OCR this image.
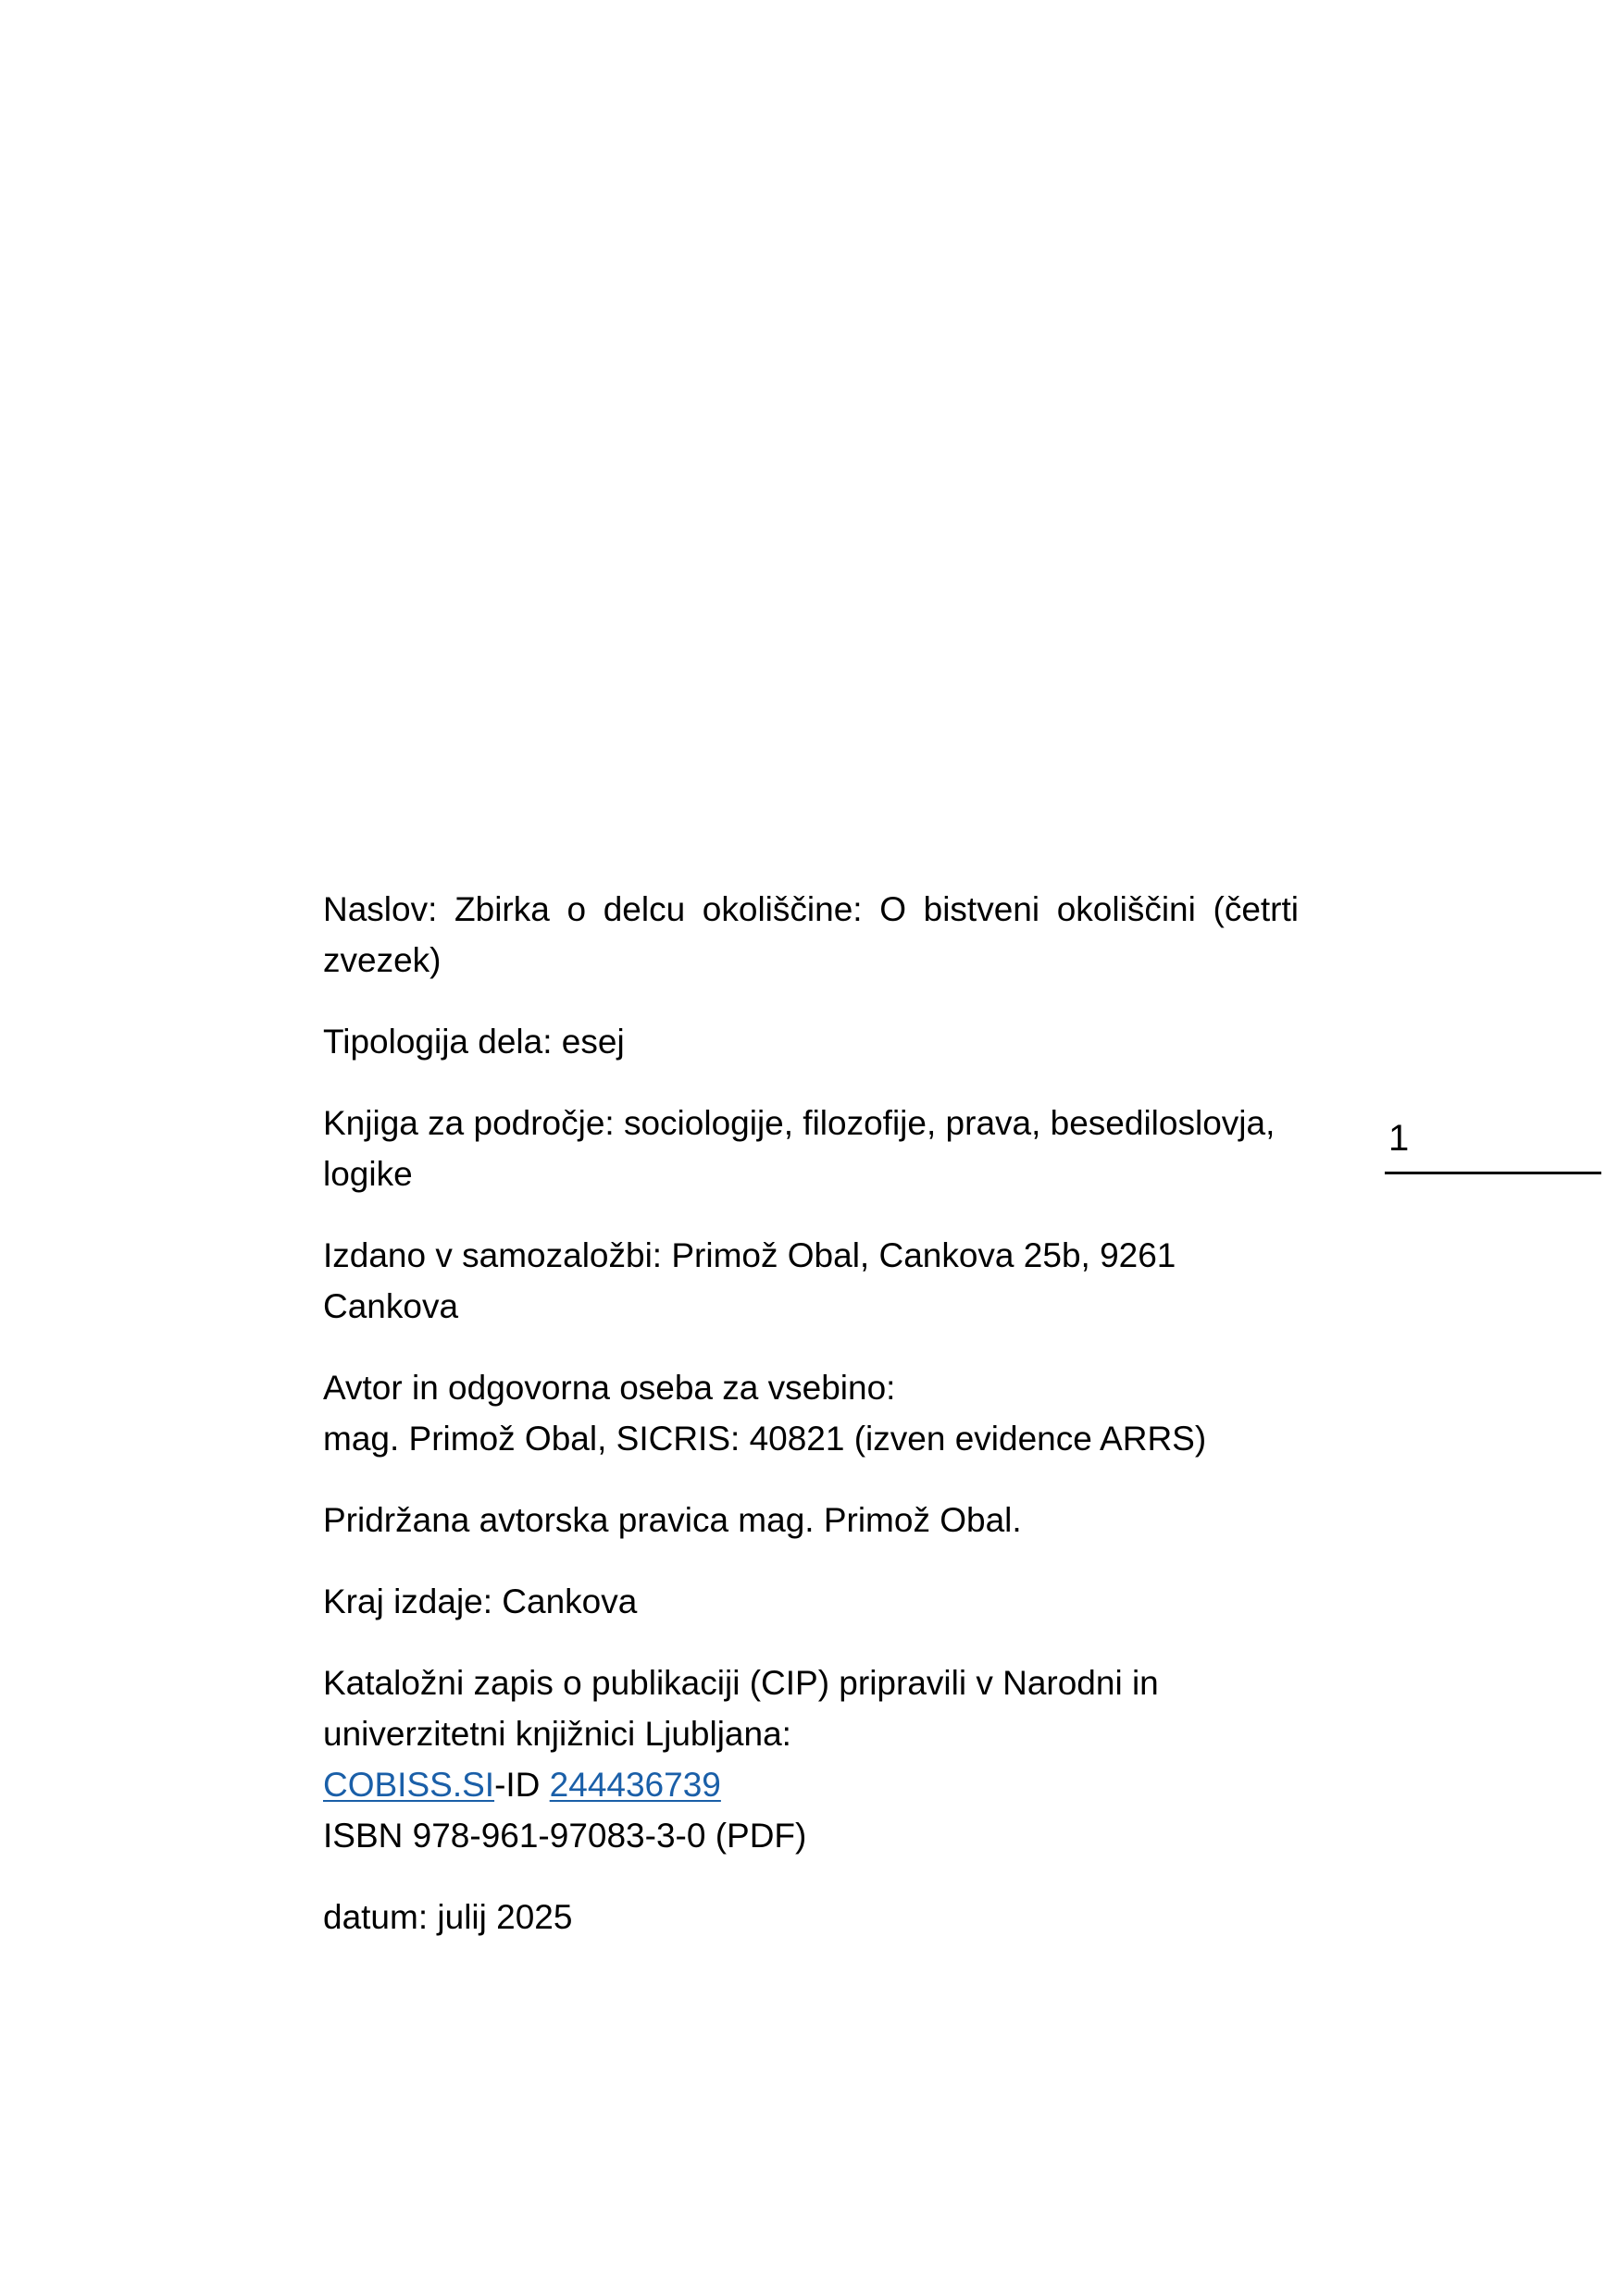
Naslov: Zbirka o delcu okoliščine: O bistveni okoliščini (četrti zvezek)

Tipologija dela: esej

Knjiga za področje: sociologije, filozofije, prava, besediloslovja, logike

Izdano v samozaložbi: Primož Obal, Cankova 25b, 9261

Cankova

Avtor in odgovorna oseba za vsebino:

mag. Primož Obal, SICRIS: 40821 (izven evidence ARRS)

Pridržana avtorska pravica mag. Primož Obal.

Kraj izdaje: Cankova

Kataložni zapis o publikaciji (CIP) pripravili v Narodni in

univerzitetni knjižnici Ljubljana:

COBISS.SI-ID 244436739

ISBN 978-961-97083-3-0 (PDF)

datum: julij 2025

1
